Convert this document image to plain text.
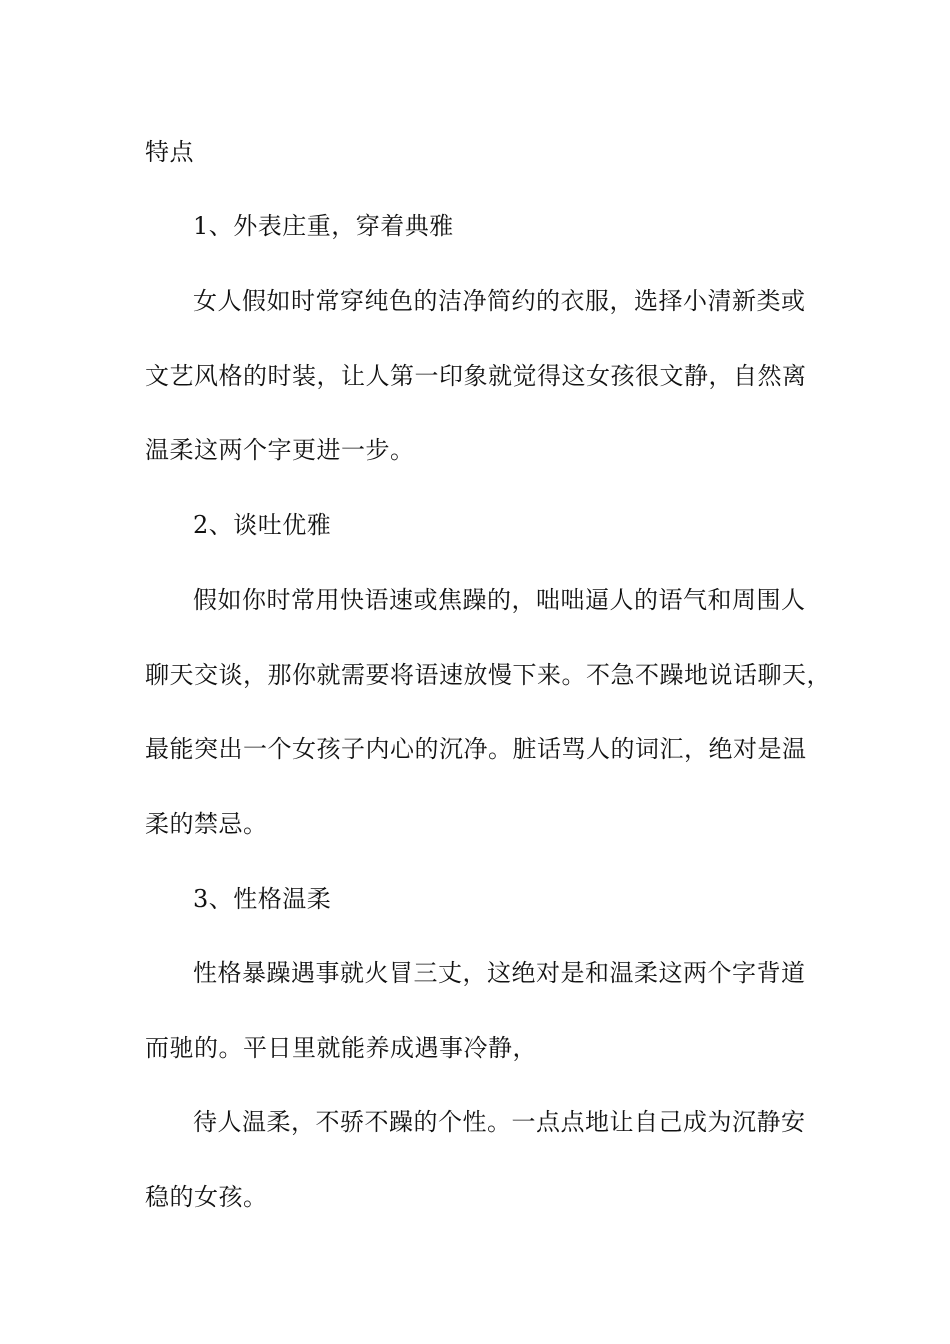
特点
1、外表庄重，穿着典雅
女人假如时常穿纯色的洁净简约的衣服，选择小清新类或
文艺风格的时装，让人第一印象就觉得这女孩很文静，自然离
温柔这两个字更进一步。
2、谈吐优雅
假如你时常用快语速或焦躁的，咄咄逼人的语气和周围人
聊天交谈，那你就需要将语速放慢下来。不急不躁地说话聊天，
最能突出一个女孩子内心的沉净。脏话骂人的词汇，绝对是温
柔的禁忌。
3、性格温柔
性格暴躁遇事就火冒三丈，这绝对是和温柔这两个字背道
而驰的。平日里就能养成遇事冷静，
待人温柔，不骄不躁的个性。一点点地让自己成为沉静安
稳的女孩。
